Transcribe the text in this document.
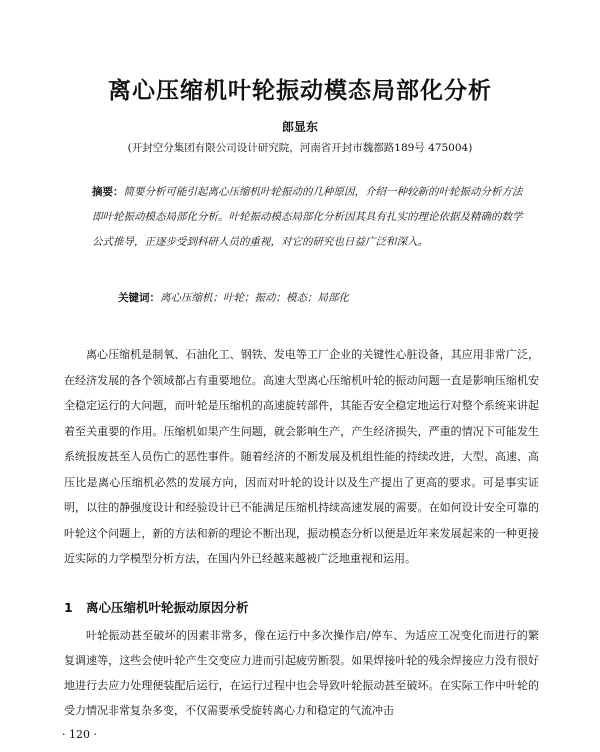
离心压缩机叶轮振动模态局部化分析
郎显东
(开封空分集团有限公司设计研究院，河南省开封市魏都路189号 475004)
摘要：简要分析可能引起离心压缩机叶轮振动的几种原因，介绍一种较新的叶轮振动分析方法即叶轮振动模态局部化分析。叶轮振动模态局部化分析因其具有扎实的理论依据及精确的数学公式推导，正逐步受到科研人员的重视，对它的研究也日益广泛和深入。
关键词：离心压缩机；叶轮；振动；模态；局部化
离心压缩机是制氧、石油化工、钢铁、发电等工厂企业的关键性心脏设备，其应用非常广泛，在经济发展的各个领域都占有重要地位。高速大型离心压缩机叶轮的振动问题一直是影响压缩机安全稳定运行的大问题，而叶轮是压缩机的高速旋转部件，其能否安全稳定地运行对整个系统来讲起着至关重要的作用。压缩机如果产生问题，就会影响生产，产生经济损失，严重的情况下可能发生系统报废甚至人员伤亡的恶性事件。随着经济的不断发展及机组性能的持续改进，大型、高速、高压比是离心压缩机必然的发展方向，因而对叶轮的设计以及生产提出了更高的要求。可是事实证明，以往的静强度设计和经验设计已不能满足压缩机持续高速发展的需要。在如何设计安全可靠的叶轮这个问题上，新的方法和新的理论不断出现，振动模态分析以便是近年来发展起来的一种更接近实际的力学模型分析方法，在国内外已经越来越被广泛地重视和运用。
1 离心压缩机叶轮振动原因分析
叶轮振动甚至破坏的因素非常多，像在运行中多次操作启/停车、为适应工况变化而进行的繁复调速等，这些会使叶轮产生交变应力进而引起疲劳断裂。如果焊接叶轮的残余焊接应力没有很好地进行去应力处理便装配后运行，在运行过程中也会导致叶轮振动甚至破坏。在实际工作中叶轮的受力情况非常复杂多变，不仅需要承受旋转离心力和稳定的气流冲击
· 120 ·
